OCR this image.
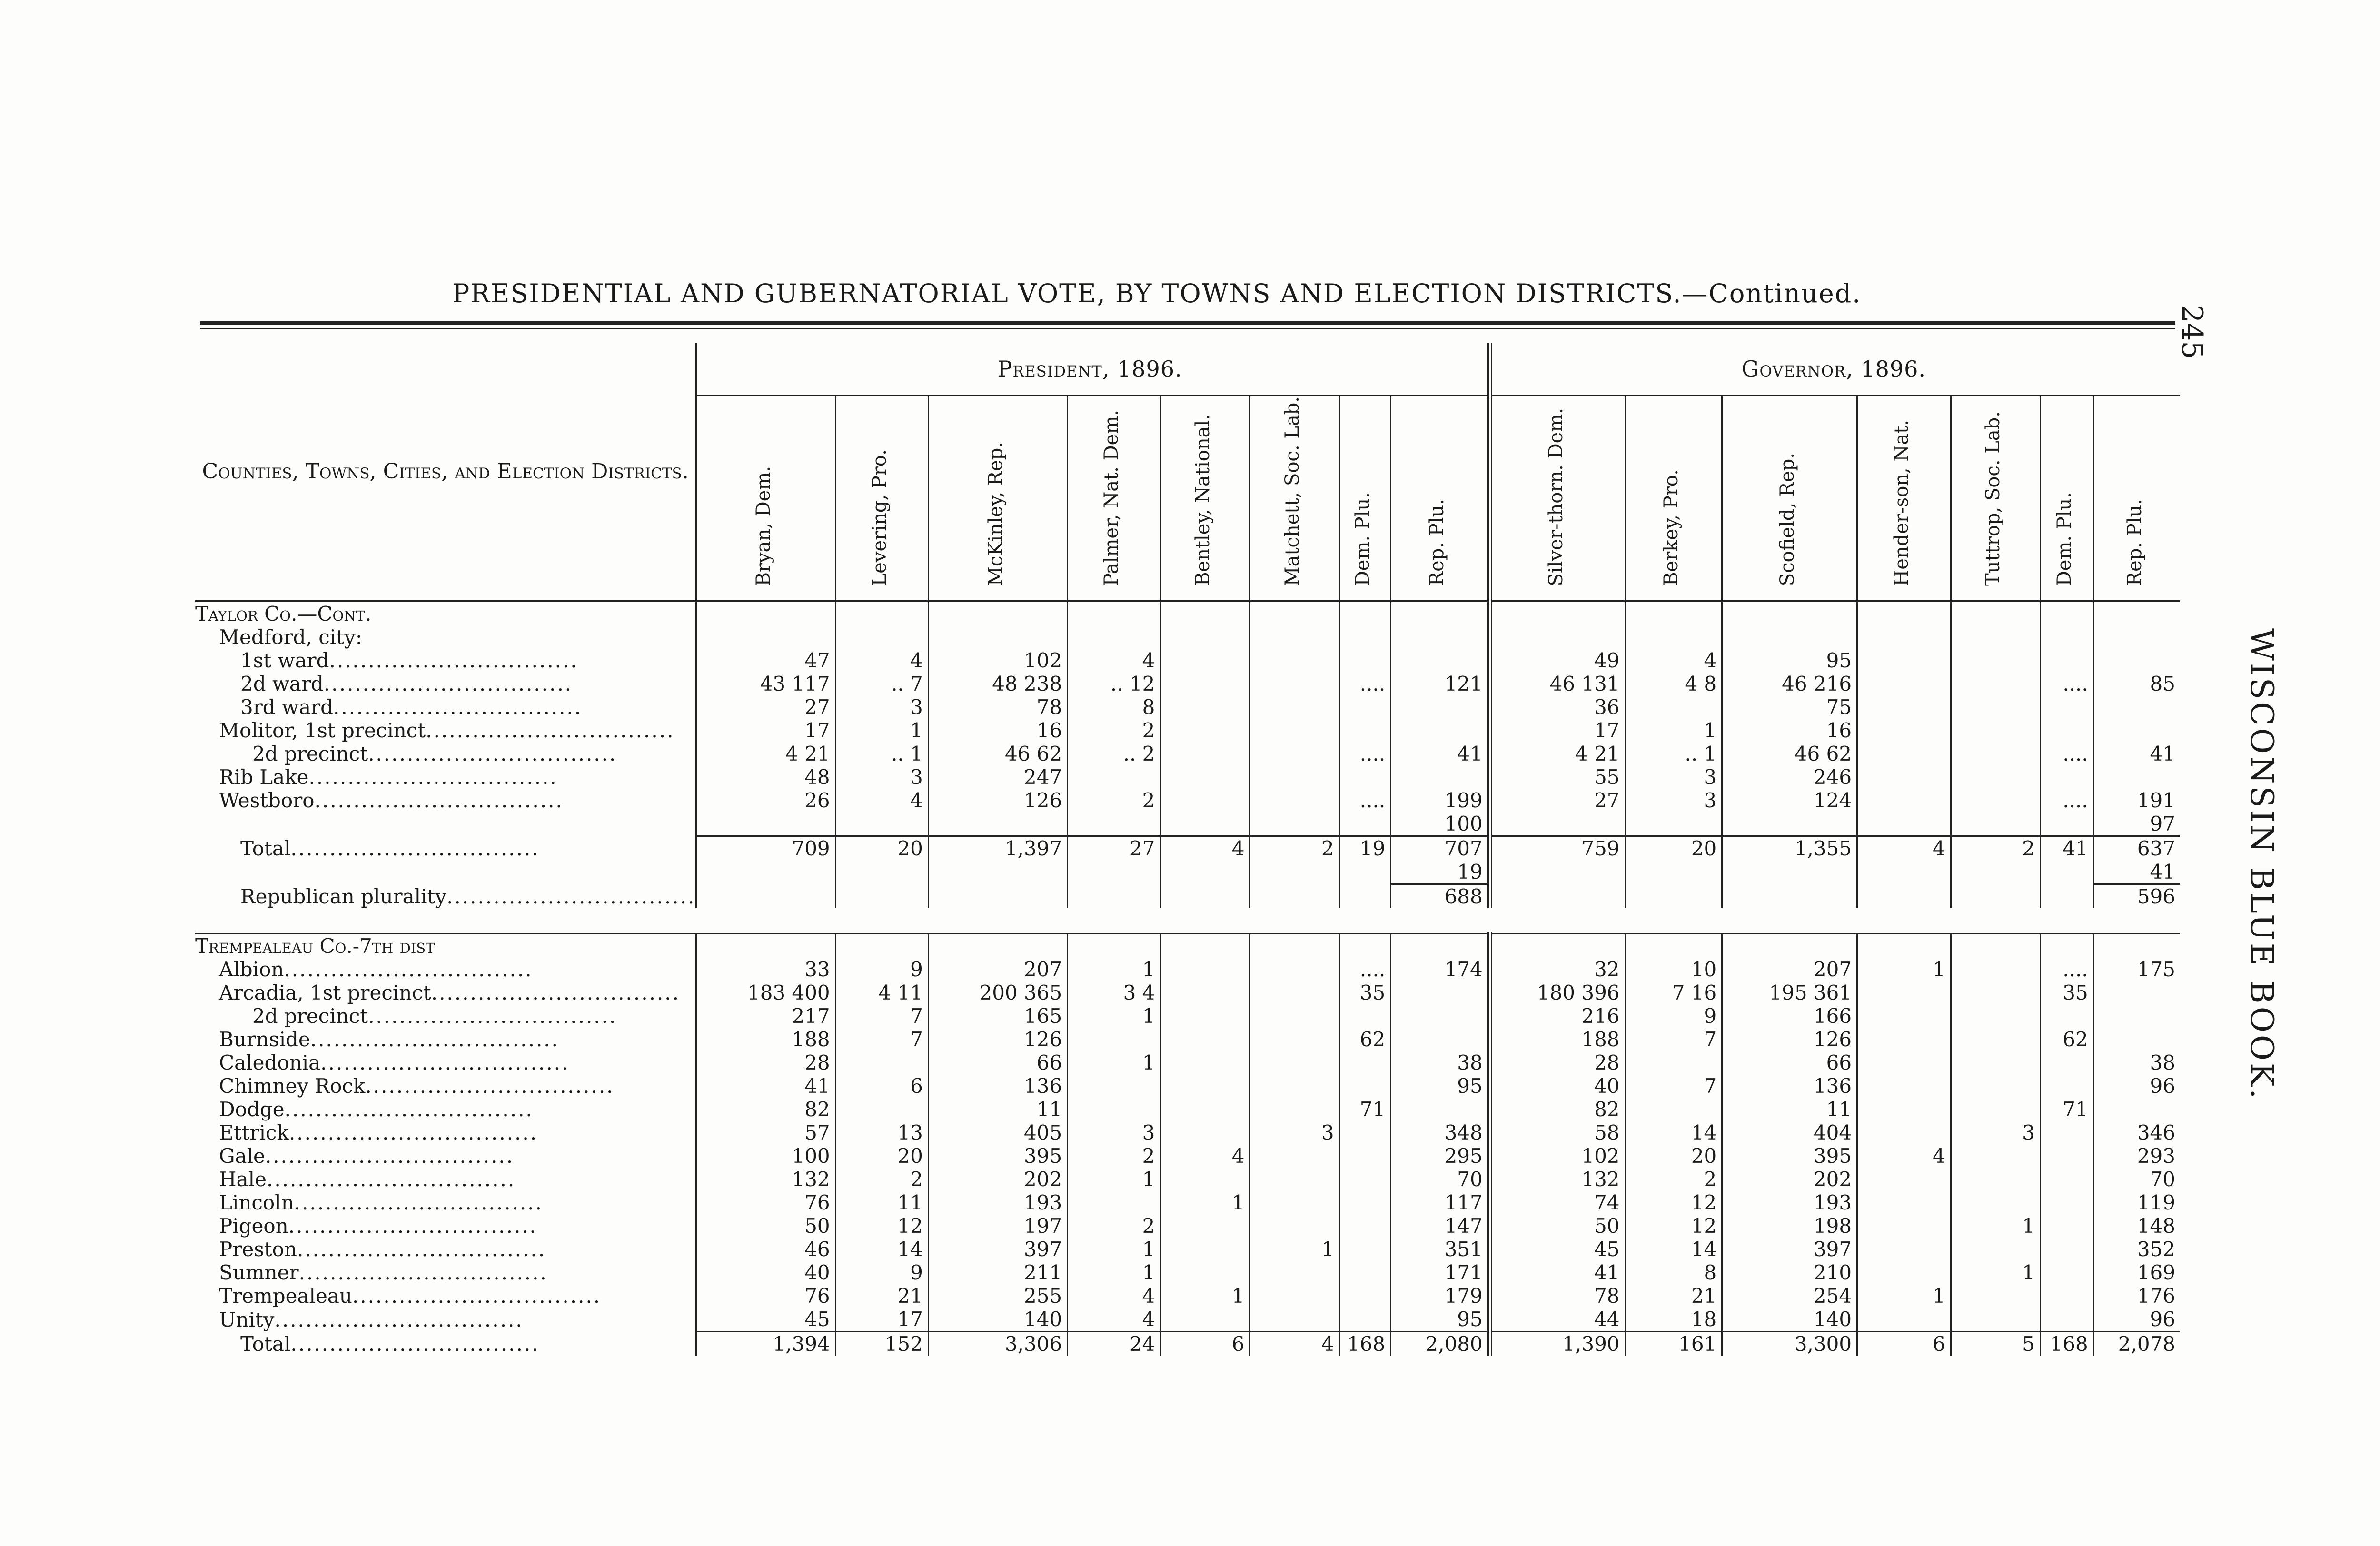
PRESIDENTIAL AND GUBERNATORIAL VOTE, BY TOWNS AND ELECTION DISTRICTS.—Continued.
245
WISCONSIN BLUE BOOK.
Counties, Towns, Cities, and Election Districts.	President, 1896.								Governor, 1896.						
	Bryan, Dem.	Levering, Pro.	McKinley, Rep.	Palmer, Nat. Dem.	Bentley, National.	Matchett, Soc. Lab.	Dem. Plu.	Rep. Plu.	Silver-thorn. Dem.	Berkey, Pro.	Scofield, Rep.	Hender-son, Nat.	Tuttrop, Soc. Lab.	Dem. Plu.	Rep. Plu.
Taylor Co.—Cont.															
Medford, city:															
1st ward................................	47	4	102	4					49	4	95				
2d ward................................	43 117	.. 7	48 238	.. 12			....	121	46 131	4 8	46 216			....	85
3rd ward................................	27	3	78	8					36		75				
Molitor, 1st precinct................................	17	1	16	2					17	1	16				
2d precinct................................	4 21	.. 1	46 62	.. 2			....	41	4 21	.. 1	46 62			....	41
Rib Lake................................	48	3	247						55	3	246				
Westboro................................	26	4	126	2			....	199	27	3	124			....	191
								100							97
Total................................	709	20	1,397	27	4	2	19	707	759	20	1,355	4	2	41	637
								19							41
Republican plurality................................								688							596

Trempealeau Co.-7th dist															
Albion................................	33	9	207	1			....	174	32	10	207	1		....	175
Arcadia, 1st precinct................................	183 400	4 11	200 365	3 4			35		180 396	7 16	195 361			35	
2d precinct................................	217	7	165	1					216	9	166				
Burnside................................	188	7	126				62		188	7	126			62	
Caledonia................................	28		66	1				38	28		66				38
Chimney Rock................................	41	6	136					95	40	7	136				96
Dodge................................	82		11				71		82		11			71	
Ettrick................................	57	13	405	3		3		348	58	14	404		3		346
Gale................................	100	20	395	2	4			295	102	20	395	4			293
Hale................................	132	2	202	1				70	132	2	202				70
Lincoln................................	76	11	193		1			117	74	12	193				119
Pigeon................................	50	12	197	2				147	50	12	198		1		148
Preston................................	46	14	397	1		1		351	45	14	397				352
Sumner................................	40	9	211	1				171	41	8	210		1		169
Trempealeau................................	76	21	255	4	1			179	78	21	254	1			176
Unity................................	45	17	140	4				95	44	18	140				96
Total................................	1,394	152	3,306	24	6	4	168	2,080	1,390	161	3,300	6	5	168	2,078
